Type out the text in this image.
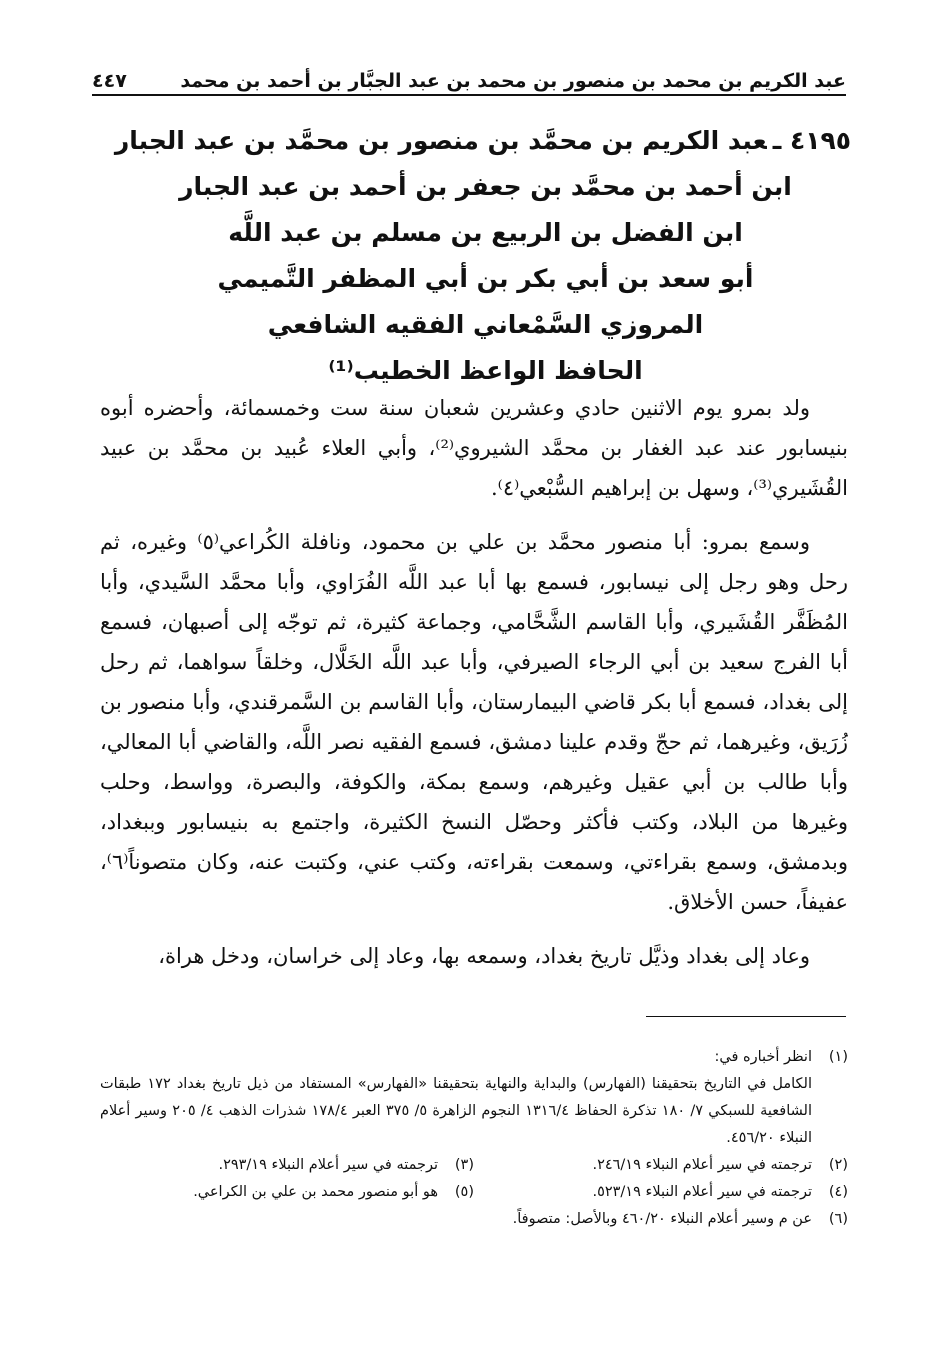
عبد الكريم بن محمد بن منصور بن محمد بن عبد الجبَّار بن أحمد بن محمد
٤٤٧
٤١٩٥ ـعبد الكريم بن محمَّد بن منصور بن محمَّد بن عبد الجبار
ابن أحمد بن محمَّد بن جعفر بن أحمد بن عبد الجبار
ابن الفضل بن الربيع بن مسلم بن عبد اللَّه
أبو سعد بن أبي بكر بن أبي المظفر التَّميمي
المروزي السَّمْعاني الفقيه الشافعي
الحافظ الواعظ الخطيب⁽¹⁾

ولد بمرو يوم الاثنين حادي وعشرين شعبان سنة ست وخمسمائة، وأحضره أبوه بنيسابور عند عبد الغفار بن محمَّد الشيروي⁽²⁾، وأبي العلاء عُبيد بن محمَّد بن عبيد القُشَيري⁽³⁾، وسهل بن إبراهيم السُّبْعي⁽٤⁾.

وسمع بمرو: أبا منصور محمَّد بن علي بن محمود، ونافلة الكُراعي⁽٥⁾ وغيره، ثم رحل وهو رجل إلى نيسابور، فسمع بها أبا عبد اللَّه الفُرَاوي، وأبا محمَّد السَّيدي، وأبا المُظَفَّر القُشَيري، وأبا القاسم الشَّحَّامي، وجماعة كثيرة، ثم توجّه إلى أصبهان، فسمع أبا الفرج سعيد بن أبي الرجاء الصيرفي، وأبا عبد اللَّه الخَلَّال، وخلقاً سواهما، ثم رحل إلى بغداد، فسمع أبا بكر قاضي البيمارستان، وأبا القاسم بن السَّمرقندي، وأبا منصور بن زُرَيق، وغيرهما، ثم حجّ وقدم علينا دمشق، فسمع الفقيه نصر اللَّه، والقاضي أبا المعالي، وأبا طالب بن أبي عقيل وغيرهم، وسمع بمكة، والكوفة، والبصرة، وواسط، وحلب وغيرها من البلاد، وكتب فأكثر وحصّل النسخ الكثيرة، واجتمع به بنيسابور وببغداد، وبدمشق، وسمع بقراءتي، وسمعت بقراءته، وكتب عني، وكتبت عنه، وكان متصوناً⁽٦⁾، عفيفاً، حسن الأخلاق.

وعاد إلى بغداد وذيَّل تاريخ بغداد، وسمعه بها، وعاد إلى خراسان، ودخل هراة،

(١)
انظر أخباره في:
الكامل في التاريخ بتحقيقنا (الفهارس) والبداية والنهاية بتحقيقنا «الفهارس» المستفاد من ذيل تاريخ بغداد ١٧٢ طبقات الشافعية للسبكي ٧/ ١٨٠ تذكرة الحفاظ ١٣١٦/٤ النجوم الزاهرة ٥/ ٣٧٥ العبر ١٧٨/٤ شذرات الذهب ٤/ ٢٠٥ وسير أعلام النبلاء ٤٥٦/٢٠.
(٢)
ترجمته في سير أعلام النبلاء ٢٤٦/١٩.
(٣)
ترجمته في سير أعلام النبلاء ٢٩٣/١٩.
(٤)
ترجمته في سير أعلام النبلاء ٥٢٣/١٩.
(٥)
هو أبو منصور محمد بن علي بن الكراعي.
(٦)
عن م وسير أعلام النبلاء ٤٦٠/٢٠ وبالأصل: متصوفاً.
